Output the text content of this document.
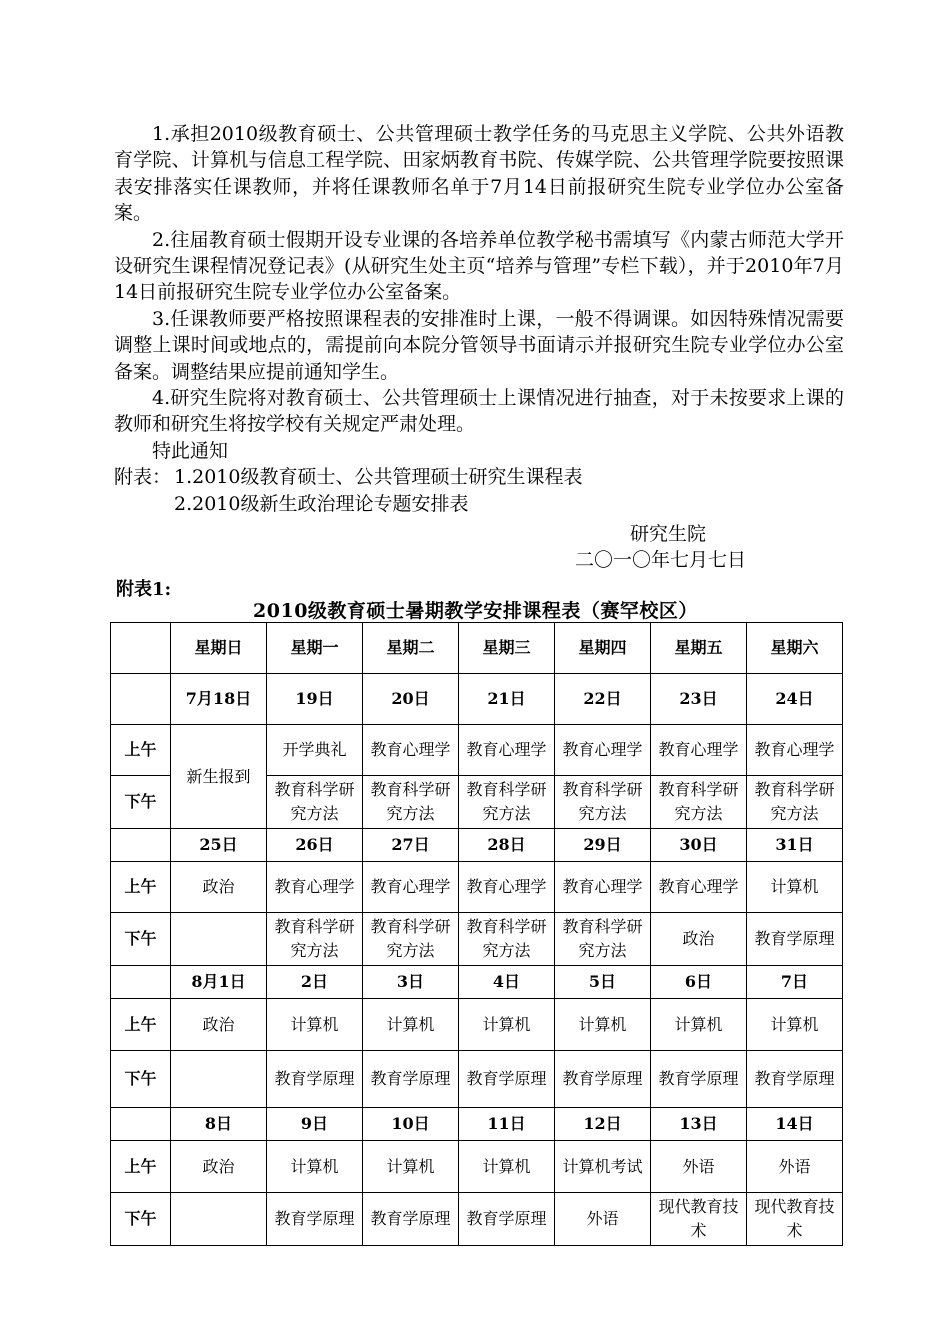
1.承担2010级教育硕士、公共管理硕士教学任务的马克思主义学院、公共外语教育学院、计算机与信息工程学院、田家炳教育书院、传媒学院、公共管理学院要按照课表安排落实任课教师，并将任课教师名单于7月14日前报研究生院专业学位办公室备案。

2.往届教育硕士假期开设专业课的各培养单位教学秘书需填写《内蒙古师范大学开设研究生课程情况登记表》(从研究生处主页“培养与管理”专栏下载），并于2010年7月14日前报研究生院专业学位办公室备案。

3.任课教师要严格按照课程表的安排准时上课，一般不得调课。如因特殊情况需要调整上课时间或地点的，需提前向本院分管领导书面请示并报研究生院专业学位办公室备案。调整结果应提前通知学生。

4.研究生院将对教育硕士、公共管理硕士上课情况进行抽查，对于未按要求上课的教师和研究生将按学校有关规定严肃处理。

特此通知

附表： 1.2010级教育硕士、公共管理硕士研究生课程表
2.2010级新生政治理论专题安排表
研究生院
二〇一〇年七月七日
附表1:
2010级教育硕士暑期教学安排课程表（赛罕校区）
	星期日	星期一	星期二	星期三	星期四	星期五	星期六
	7月18日	19日	20日	21日	22日	23日	24日
上午	新生报到	开学典礼	教育心理学	教育心理学	教育心理学	教育心理学	教育心理学
下午		教育科学研究方法	教育科学研究方法	教育科学研究方法	教育科学研究方法	教育科学研究方法	教育科学研究方法
	25日	26日	27日	28日	29日	30日	31日
上午	政治	教育心理学	教育心理学	教育心理学	教育心理学	教育心理学	计算机
下午		教育科学研究方法	教育科学研究方法	教育科学研究方法	教育科学研究方法	政治	教育学原理
	8月1日	2日	3日	4日	5日	6日	7日
上午	政治	计算机	计算机	计算机	计算机	计算机	计算机
下午		教育学原理	教育学原理	教育学原理	教育学原理	教育学原理	教育学原理
	8日	9日	10日	11日	12日	13日	14日
上午	政治	计算机	计算机	计算机	计算机考试	外语	外语
下午		教育学原理	教育学原理	教育学原理	外语	现代教育技术	现代教育技术
